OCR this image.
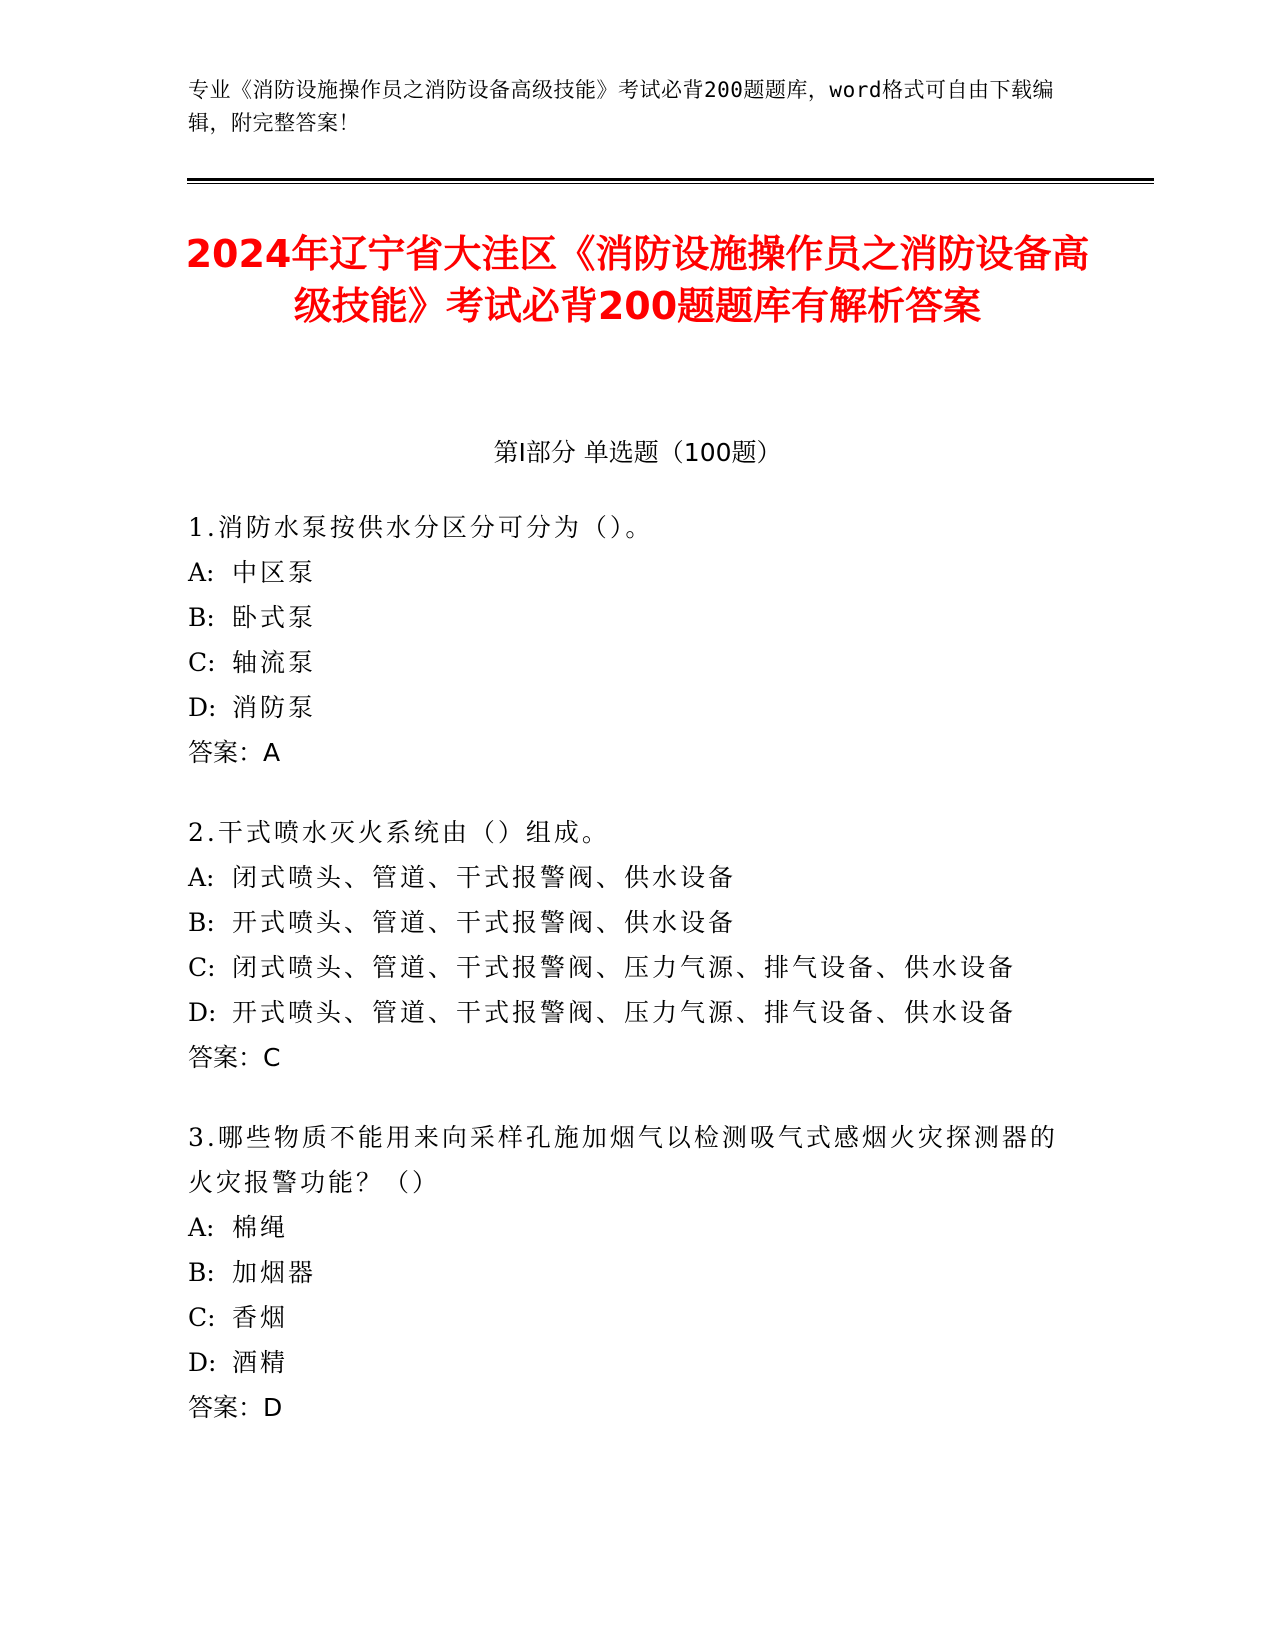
专业《消防设施操作员之消防设备高级技能》考试必背200题题库，word格式可自由下载编辑，附完整答案！
2024年辽宁省大洼区《消防设施操作员之消防设备高级技能》考试必背200题题库有解析答案
第I部分 单选题（100题）

1.消防水泵按供水分区分可分为（）。

A: 中区泵

B: 卧式泵

C: 轴流泵

D: 消防泵

答案：A

2.干式喷水灭火系统由（）组成。

A: 闭式喷头、管道、干式报警阀、供水设备

B: 开式喷头、管道、干式报警阀、供水设备

C: 闭式喷头、管道、干式报警阀、压力气源、排气设备、供水设备

D: 开式喷头、管道、干式报警阀、压力气源、排气设备、供水设备

答案：C

3.哪些物质不能用来向采样孔施加烟气以检测吸气式感烟火灾探测器的火灾报警功能？（）

A: 棉绳

B: 加烟器

C: 香烟

D: 酒精

答案：D
